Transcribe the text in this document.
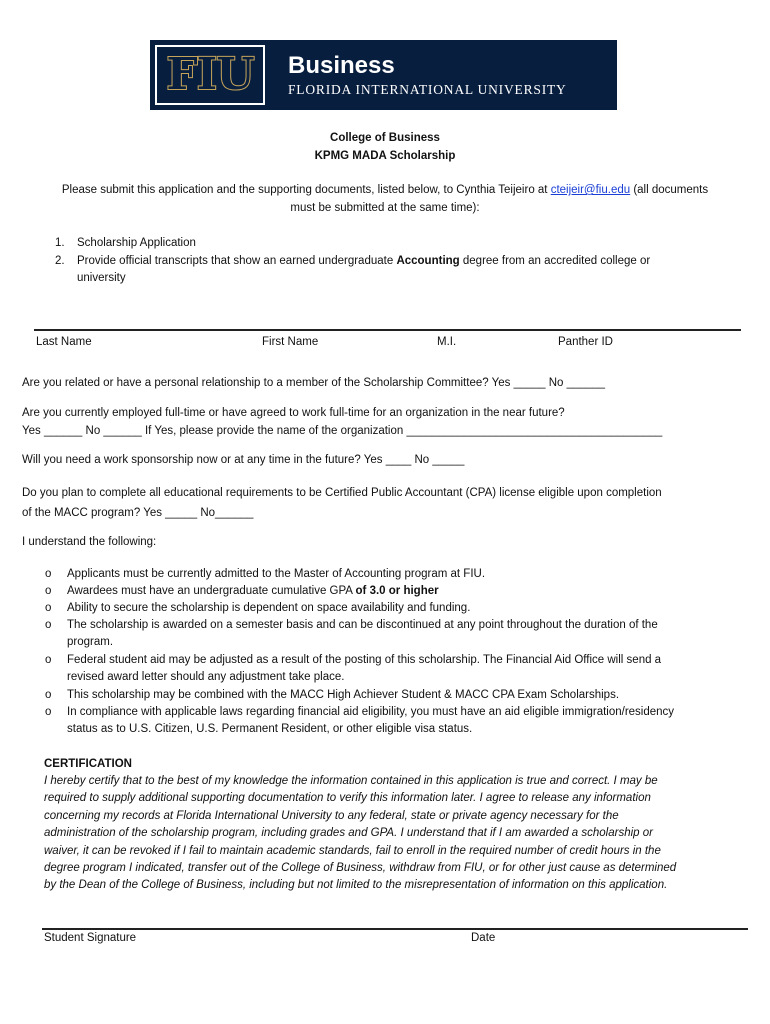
FIU	Business
FLORIDA INTERNATIONAL UNIVERSITY
College of Business
KPMG MADA Scholarship
Please submit this application and the supporting documents, listed below, to Cynthia Teijeiro at cteijeir@fiu.edu (all documents
must be submitted at the same time):
1. Scholarship Application
2. Provide official transcripts that show an earned undergraduate Accounting degree from an accredited college or
university
Last Name	First Name	M.I.	Panther ID
Are you related or have a personal relationship to a member of the Scholarship Committee? Yes _____ No ______
Are you currently employed full-time or have agreed to work full-time for an organization in the near future?
Yes ______ No ______ If Yes, please provide the name of the organization ________________________________________
Will you need a work sponsorship now or at any time in the future? Yes ____ No _____
Do you plan to complete all educational requirements to be Certified Public Accountant (CPA) license eligible upon completion
of the MACC program? Yes _____ No______
I understand the following:
o Applicants must be currently admitted to the Master of Accounting program at FIU.
o Awardees must have an undergraduate cumulative GPA of 3.0 or higher
o Ability to secure the scholarship is dependent on space availability and funding.
o The scholarship is awarded on a semester basis and can be discontinued at any point throughout the duration of the
program.
o Federal student aid may be adjusted as a result of the posting of this scholarship. The Financial Aid Office will send a
revised award letter should any adjustment take place.
o This scholarship may be combined with the MACC High Achiever Student & MACC CPA Exam Scholarships.
o In compliance with applicable laws regarding financial aid eligibility, you must have an aid eligible immigration/residency
status as to U.S. Citizen, U.S. Permanent Resident, or other eligible visa status.
CERTIFICATION
I hereby certify that to the best of my knowledge the information contained in this application is true and correct. I may be
required to supply additional supporting documentation to verify this information later. I agree to release any information
concerning my records at Florida International University to any federal, state or private agency necessary for the
administration of the scholarship program, including grades and GPA. I understand that if I am awarded a scholarship or
waiver, it can be revoked if I fail to maintain academic standards, fail to enroll in the required number of credit hours in the
degree program I indicated, transfer out of the College of Business, withdraw from FIU, or for other just cause as determined
by the Dean of the College of Business, including but not limited to the misrepresentation of information on this application.
Student Signature	Date
